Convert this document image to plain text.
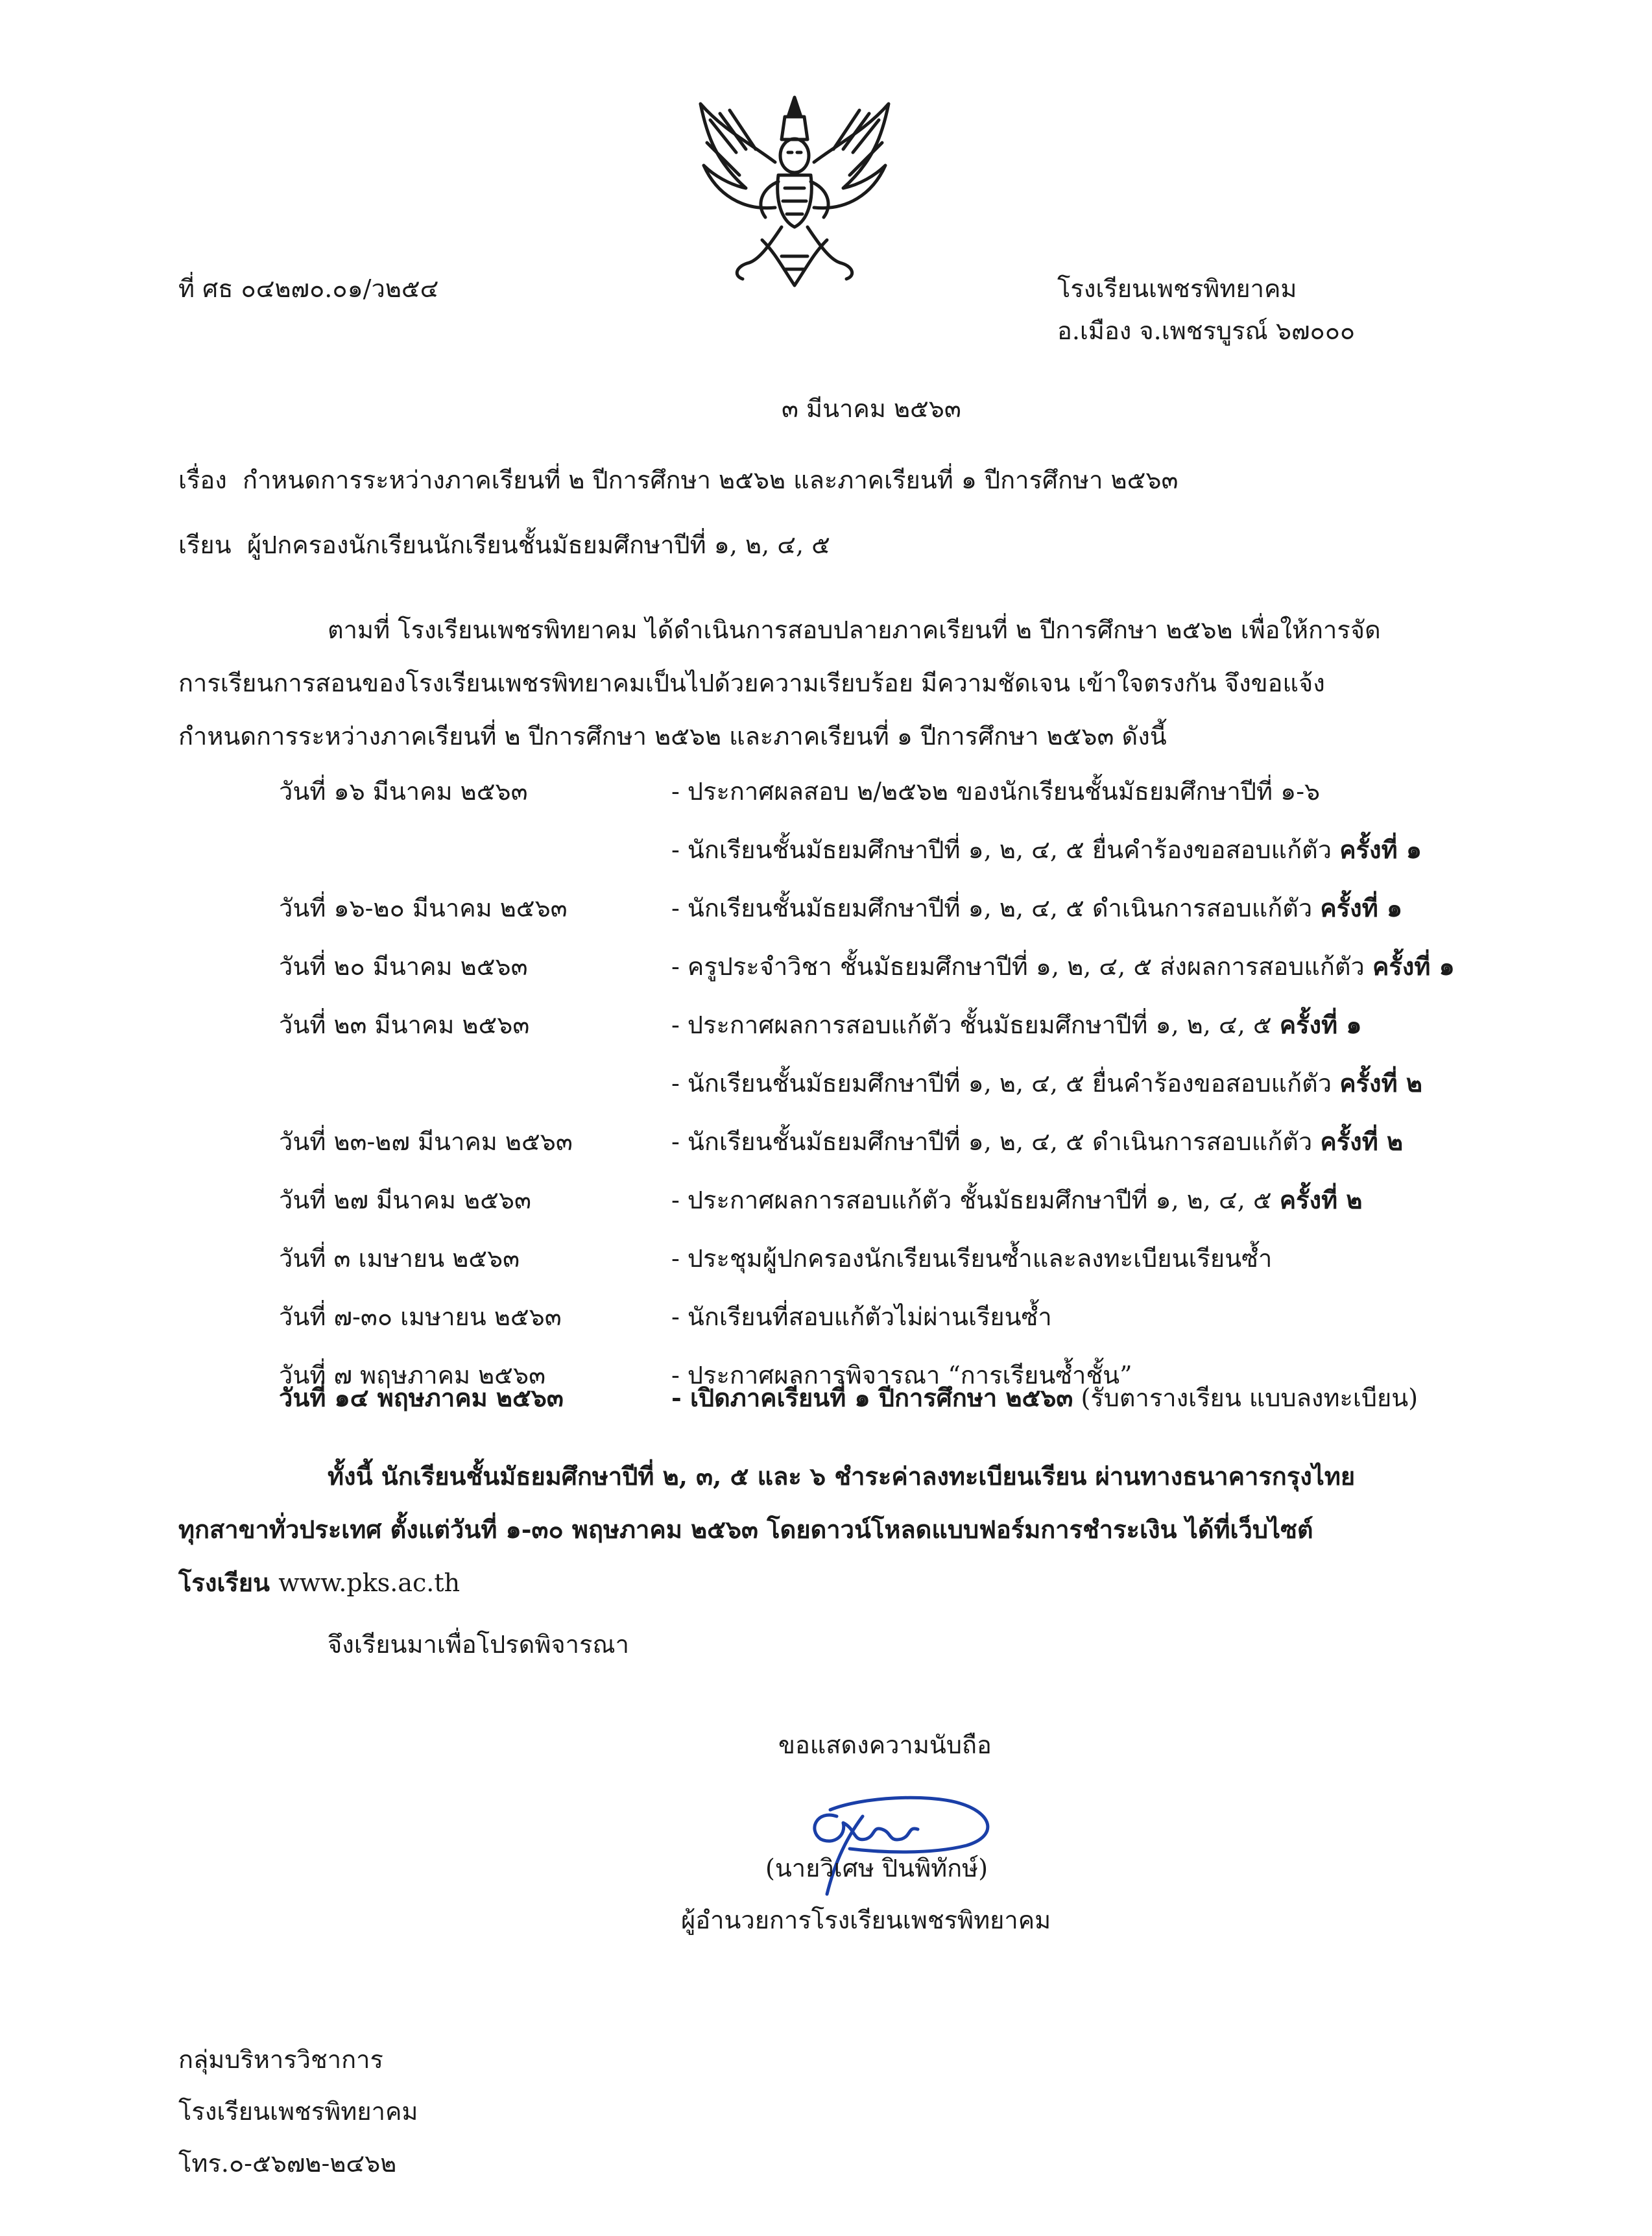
ที่ ศธ ๐๔๒๗๐.๐๑/ว๒๕๔	โรงเรียนเพชรพิทยาคม
อ.เมือง จ.เพชรบูรณ์ ๖๗๐๐๐
๓ มีนาคม ๒๕๖๓
เรื่อง กำหนดการระหว่างภาคเรียนที่ ๒ ปีการศึกษา ๒๕๖๒ และภาคเรียนที่ ๑ ปีการศึกษา ๒๕๖๓
เรียน ผู้ปกครองนักเรียนนักเรียนชั้นมัธยมศึกษาปีที่ ๑, ๒, ๔, ๕
ตามที่ โรงเรียนเพชรพิทยาคม ได้ดำเนินการสอบปลายภาคเรียนที่ ๒ ปีการศึกษา ๒๕๖๒ เพื่อให้การจัด
การเรียนการสอนของโรงเรียนเพชรพิทยาคมเป็นไปด้วยความเรียบร้อย มีความชัดเจน เข้าใจตรงกัน จึงขอแจ้ง
กำหนดการระหว่างภาคเรียนที่ ๒ ปีการศึกษา ๒๕๖๒ และภาคเรียนที่ ๑ ปีการศึกษา ๒๕๖๓ ดังนี้
วันที่ ๑๖ มีนาคม ๒๕๖๓	- ประกาศผลสอบ ๒/๒๕๖๒ ของนักเรียนชั้นมัธยมศึกษาปีที่ ๑-๖
- นักเรียนชั้นมัธยมศึกษาปีที่ ๑, ๒, ๔, ๕ ยื่นคำร้องขอสอบแก้ตัว ครั้งที่ ๑
วันที่ ๑๖-๒๐ มีนาคม ๒๕๖๓	- นักเรียนชั้นมัธยมศึกษาปีที่ ๑, ๒, ๔, ๕ ดำเนินการสอบแก้ตัว ครั้งที่ ๑
วันที่ ๒๐ มีนาคม ๒๕๖๓	- ครูประจำวิชา ชั้นมัธยมศึกษาปีที่ ๑, ๒, ๔, ๕ ส่งผลการสอบแก้ตัว ครั้งที่ ๑
วันที่ ๒๓ มีนาคม ๒๕๖๓	- ประกาศผลการสอบแก้ตัว ชั้นมัธยมศึกษาปีที่ ๑, ๒, ๔, ๕ ครั้งที่ ๑
- นักเรียนชั้นมัธยมศึกษาปีที่ ๑, ๒, ๔, ๕ ยื่นคำร้องขอสอบแก้ตัว ครั้งที่ ๒
วันที่ ๒๓-๒๗ มีนาคม ๒๕๖๓	- นักเรียนชั้นมัธยมศึกษาปีที่ ๑, ๒, ๔, ๕ ดำเนินการสอบแก้ตัว ครั้งที่ ๒
วันที่ ๒๗ มีนาคม ๒๕๖๓	- ประกาศผลการสอบแก้ตัว ชั้นมัธยมศึกษาปีที่ ๑, ๒, ๔, ๕ ครั้งที่ ๒
วันที่ ๓ เมษายน ๒๕๖๓	- ประชุมผู้ปกครองนักเรียนเรียนซ้ำและลงทะเบียนเรียนซ้ำ
วันที่ ๗-๓๐ เมษายน ๒๕๖๓	- นักเรียนที่สอบแก้ตัวไม่ผ่านเรียนซ้ำ
วันที่ ๗ พฤษภาคม ๒๕๖๓	- ประกาศผลการพิจารณา “การเรียนซ้ำชั้น”
วันที่ ๑๔ พฤษภาคม ๒๕๖๓	- เปิดภาคเรียนที่ ๑ ปีการศึกษา ๒๕๖๓ (รับตารางเรียน แบบลงทะเบียน)
ทั้งนี้ นักเรียนชั้นมัธยมศึกษาปีที่ ๒, ๓, ๕ และ ๖ ชำระค่าลงทะเบียนเรียน ผ่านทางธนาคารกรุงไทย
ทุกสาขาทั่วประเทศ ตั้งแต่วันที่ ๑-๓๐ พฤษภาคม ๒๕๖๓ โดยดาวน์โหลดแบบฟอร์มการชำระเงิน ได้ที่เว็บไซต์
โรงเรียน www.pks.ac.th
จึงเรียนมาเพื่อโปรดพิจารณา
ขอแสดงความนับถือ
(นายวิเศษ ปินพิทักษ์)
ผู้อำนวยการโรงเรียนเพชรพิทยาคม
กลุ่มบริหารวิชาการ
โรงเรียนเพชรพิทยาคม
โทร.๐-๕๖๗๒-๒๔๖๒
